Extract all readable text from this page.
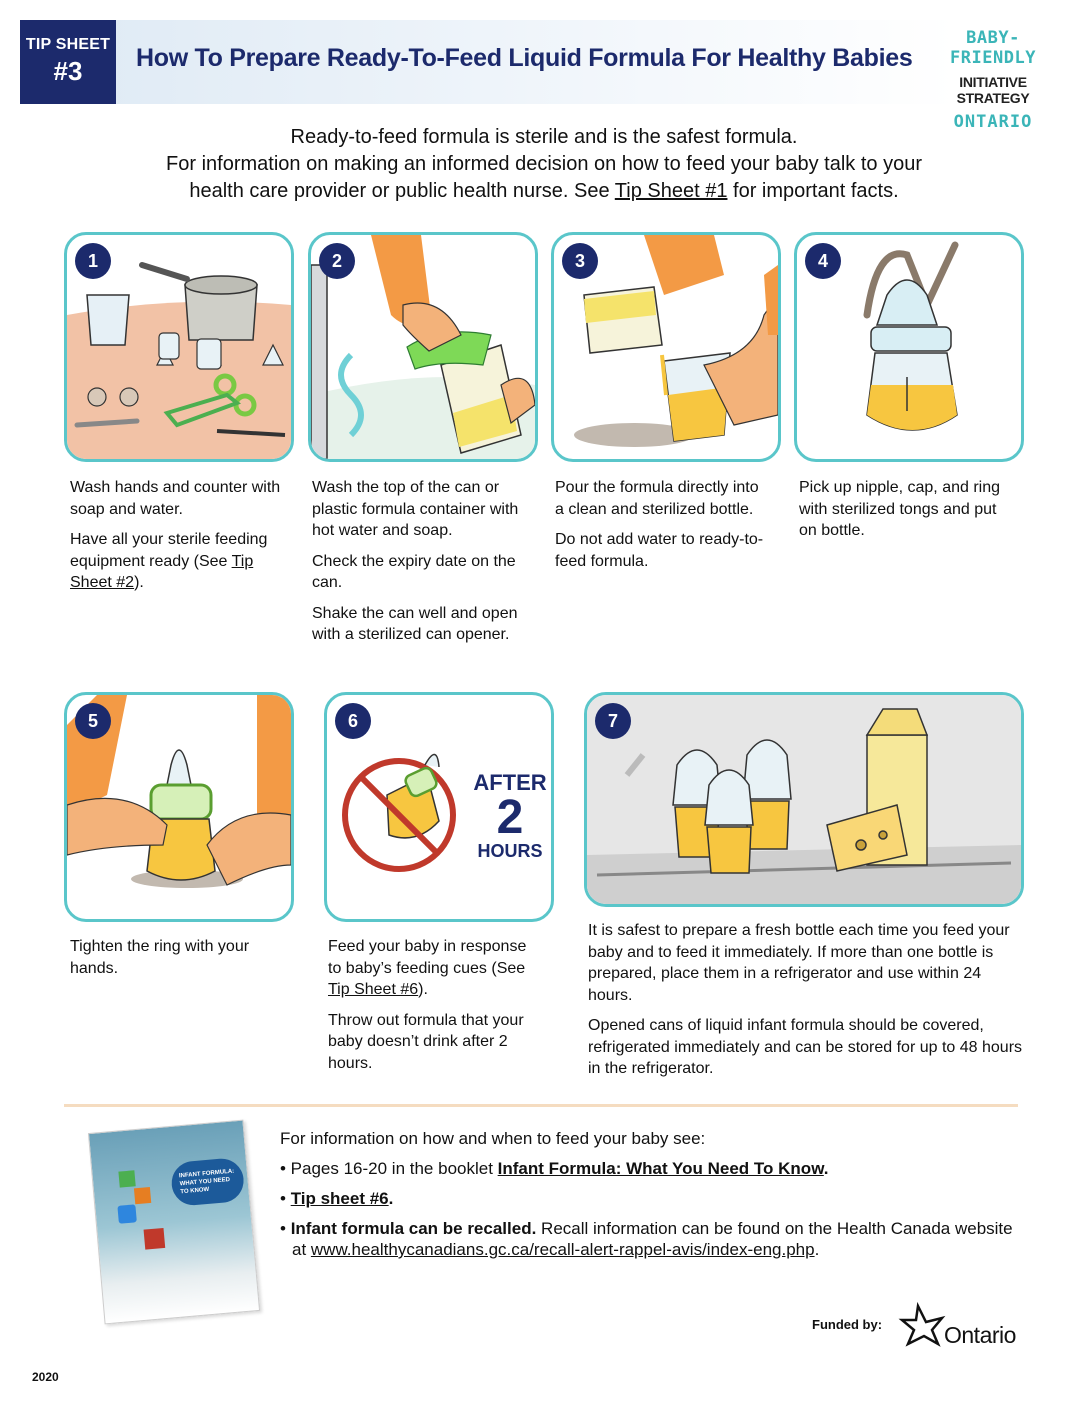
TIP SHEET
#3	How To Prepare Ready-To-Feed Liquid Formula For Healthy Babies
BABY-FRIENDLY
INITIATIVE STRATEGY
ONTARIO

Ready-to-feed formula is sterile and is the safest formula.

For information on making an informed decision on how to feed your baby talk to your

health care provider or public health nurse. See Tip Sheet #1 for important facts.

1

Wash hands and counter with soap and water.

Have all your sterile feeding equipment ready (See Tip Sheet #2).

2

Wash the top of the can or plastic formula container with hot water and soap.

Check the expiry date on the can.

Shake the can well and open with a sterilized can opener.

3

Pour the formula directly into a clean and sterilized bottle.

Do not add water to ready-to-feed formula.

4

Pick up nipple, cap, and ring with sterilized tongs and put on bottle.

5

Tighten the ring with your hands.

6
AFTER
2
HOURS

Feed your baby in response to baby’s feeding cues (See Tip Sheet #6).

Throw out formula that your baby doesn’t drink after 2 hours.

7

It is safest to prepare a fresh bottle each time you feed your baby and to feed it immediately. If more than one bottle is prepared, place them in a refrigerator and use within 24 hours.

Opened cans of liquid infant formula should be covered, refrigerated immediately and can be stored for up to 48 hours in the refrigerator.

INFANT FORMULA: WHAT YOU NEED TO KNOW

For information on how and when to feed your baby see:

• Pages 16-20 in the booklet Infant Formula: What You Need To Know.

• Tip sheet #6.

• Infant formula can be recalled. Recall information can be found on the Health Canada website at www.healthycanadians.gc.ca/recall-alert-rappel-avis/index-eng.php.

Funded by:	Ontario
2020
